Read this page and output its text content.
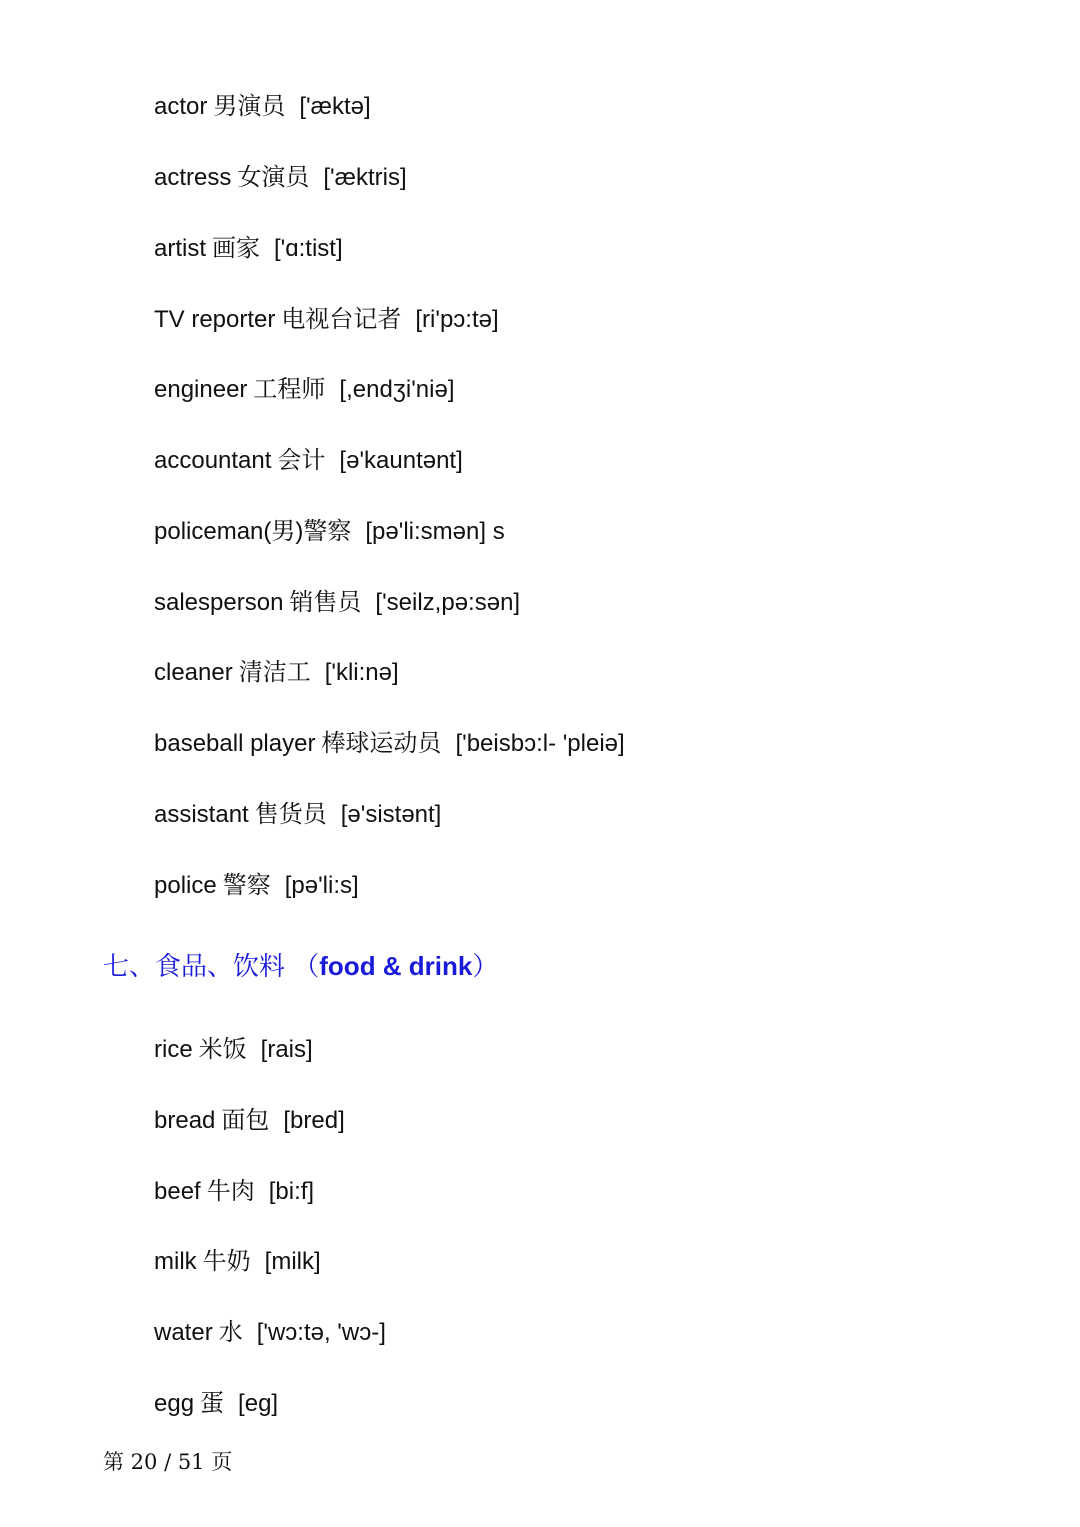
actor 男演员 ['æktə]
actress 女演员 ['æktris]
artist 画家 ['ɑ:tist]
TV reporter 电视台记者 [ri'pɔ:tə]
engineer 工程师 [,endʒi'niə]
accountant 会计 [ə'kauntənt]
policeman(男)警察 [pə'li:smən] s
salesperson 销售员 ['seilz,pə:sən]
cleaner 清洁工 ['kli:nə]
baseball player 棒球运动员 ['beisbɔ:l- 'pleiə]
assistant 售货员 [ə'sistənt]
police 警察 [pə'li:s]
七、食品、饮料 （food & drink）
rice 米饭 [rais]
bread 面包 [bred]
beef 牛肉 [bi:f]
milk 牛奶 [milk]
water 水 ['wɔ:tə, 'wɔ-]
egg 蛋 [eɡ]
第 20 / 51 页
